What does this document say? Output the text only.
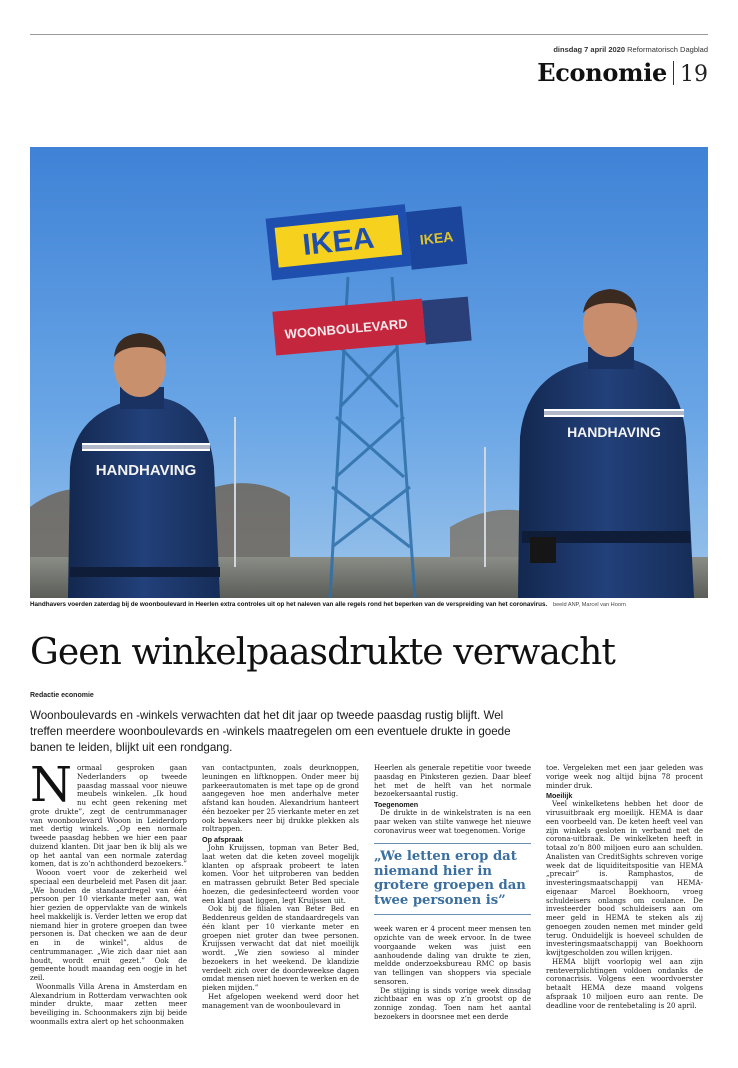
dinsdag 7 april 2020 Reformatorisch Dagblad
Economie 19
IKEA	IKEA
WOONBOULEVARD
HANDHAVING
HANDHAVING
Handhavers voerden zaterdag bij de woonboulevard in Heerlen extra controles uit op het naleven van alle regels rond het beperken van de verspreiding van het coronavirus. beeld ANP, Marcel van Hoorn
Geen winkelpaasdrukte verwacht
Redactie economie

Woonboulevards en -winkels verwachten dat het dit jaar op tweede paasdag rustig blijft. Wel treffen meerdere woonboulevards en -winkels maatregelen om een eventuele drukte in goede banen te leiden, blijkt uit een rondgang.

N ormaal gesproken gaan Nederlanders op tweede paasdag massaal voor nieuwe meubels winkelen. „Ik houd nu echt geen rekening met grote drukte”, zegt de centrummanager van woonboulevard Wooon in Leiderdorp met dertig winkels. „Op een normale tweede paasdag hebben we hier een paar duizend klanten. Dit jaar ben ik blij als we op het aantal van een normale zaterdag komen, dat is zo’n achthonderd bezoekers.”

Wooon voert voor de zekerheid wel speciaal een deurbeleid met Pasen dit jaar. „We houden de standaardregel van één persoon per 10 vierkante meter aan, wat hier gezien de oppervlakte van de winkels heel makkelijk is. Verder letten we erop dat niemand hier in grotere groepen dan twee personen is. Dat checken we aan de deur en in de winkel”, aldus de centrummanager. „Wie zich daar niet aan houdt, wordt eruit gezet.” Ook de gemeente houdt maandag een oogje in het zeil.

Woonmalls Villa Arena in Amsterdam en Alexandrium in Rotterdam verwachten ook minder drukte, maar zetten meer beveiliging in. Schoonmakers zijn bij beide woonmalls extra alert op het schoonmaken

van contactpunten, zoals deurknoppen, leuningen en liftknoppen. Onder meer bij parkeerautomaten is met tape op de grond aangegeven hoe men anderhalve meter afstand kan houden. Alexandrium hanteert één bezoeker per 25 vierkante meter en zet ook bewakers neer bij drukke plekken als roltrappen.

Op afspraak

John Kruijssen, topman van Beter Bed, laat weten dat die keten zoveel mogelijk klanten op afspraak probeert te laten komen. Voor het uitproberen van bedden en matrassen gebruikt Beter Bed speciale hoezen, die gedesinfecteerd worden voor een klant gaat liggen, legt Kruijssen uit.

Ook bij de filialen van Beter Bed en Beddenreus gelden de standaardregels van één klant per 10 vierkante meter en groepen niet groter dan twee personen. Kruijssen verwacht dat dat niet moeilijk wordt. „We zien sowieso al minder bezoekers in het weekend. De klandizie verdeelt zich over de doordeweekse dagen omdat mensen niet hoeven te werken en de pieken mijden.”

Het afgelopen weekend werd door het management van de woonboulevard in

Heerlen als generale repetitie voor tweede paasdag en Pinksteren gezien. Daar bleef het met de helft van het normale bezoekersaantal rustig.

Toegenomen

De drukte in de winkelstraten is na een paar weken van stilte vanwege het nieuwe coronavirus weer wat toegenomen. Vorige

„We letten erop dat niemand hier in grotere groepen dan twee personen is”

week waren er 4 procent meer mensen ten opzichte van de week ervoor. In de twee voorgaande weken was juist een aanhoudende daling van drukte te zien, meldde onderzoeksbureau RMC op basis van tellingen van shoppers via speciale sensoren.

De stijging is sinds vorige week dinsdag zichtbaar en was op z’n grootst op de zonnige zondag. Toen nam het aantal bezoekers in doorsnee met een derde

toe. Vergeleken met een jaar geleden was vorige week nog altijd bijna 78 procent minder druk.

Moeilijk

Veel winkelketens hebben het door de virusuitbraak erg moeilijk. HEMA is daar een voorbeeld van. De keten heeft veel van zijn winkels gesloten in verband met de corona-uitbraak. De winkelketen heeft in totaal zo’n 800 miljoen euro aan schulden. Analisten van CreditSights schreven vorige week dat de liquiditeitspositie van HEMA „precair” is. Ramphastos, de investeringsmaatschappij van HEMA-eigenaar Marcel Boekhoorn, vroeg schuldeisers onlangs om coulance. De investeerder bood schuldeisers aan om meer geld in HEMA te steken als zij genoegen zouden nemen met minder geld terug. Onduidelijk is hoeveel schulden de investeringsmaatschappij van Boekhoorn kwijtgescholden zou willen krijgen.

HEMA blijft voorlopig wel aan zijn renteverplichtingen voldoen ondanks de coronacrisis. Volgens een woordvoerster betaalt HEMA deze maand volgens afspraak 10 miljoen euro aan rente. De deadline voor de rentebetaling is 20 april.
